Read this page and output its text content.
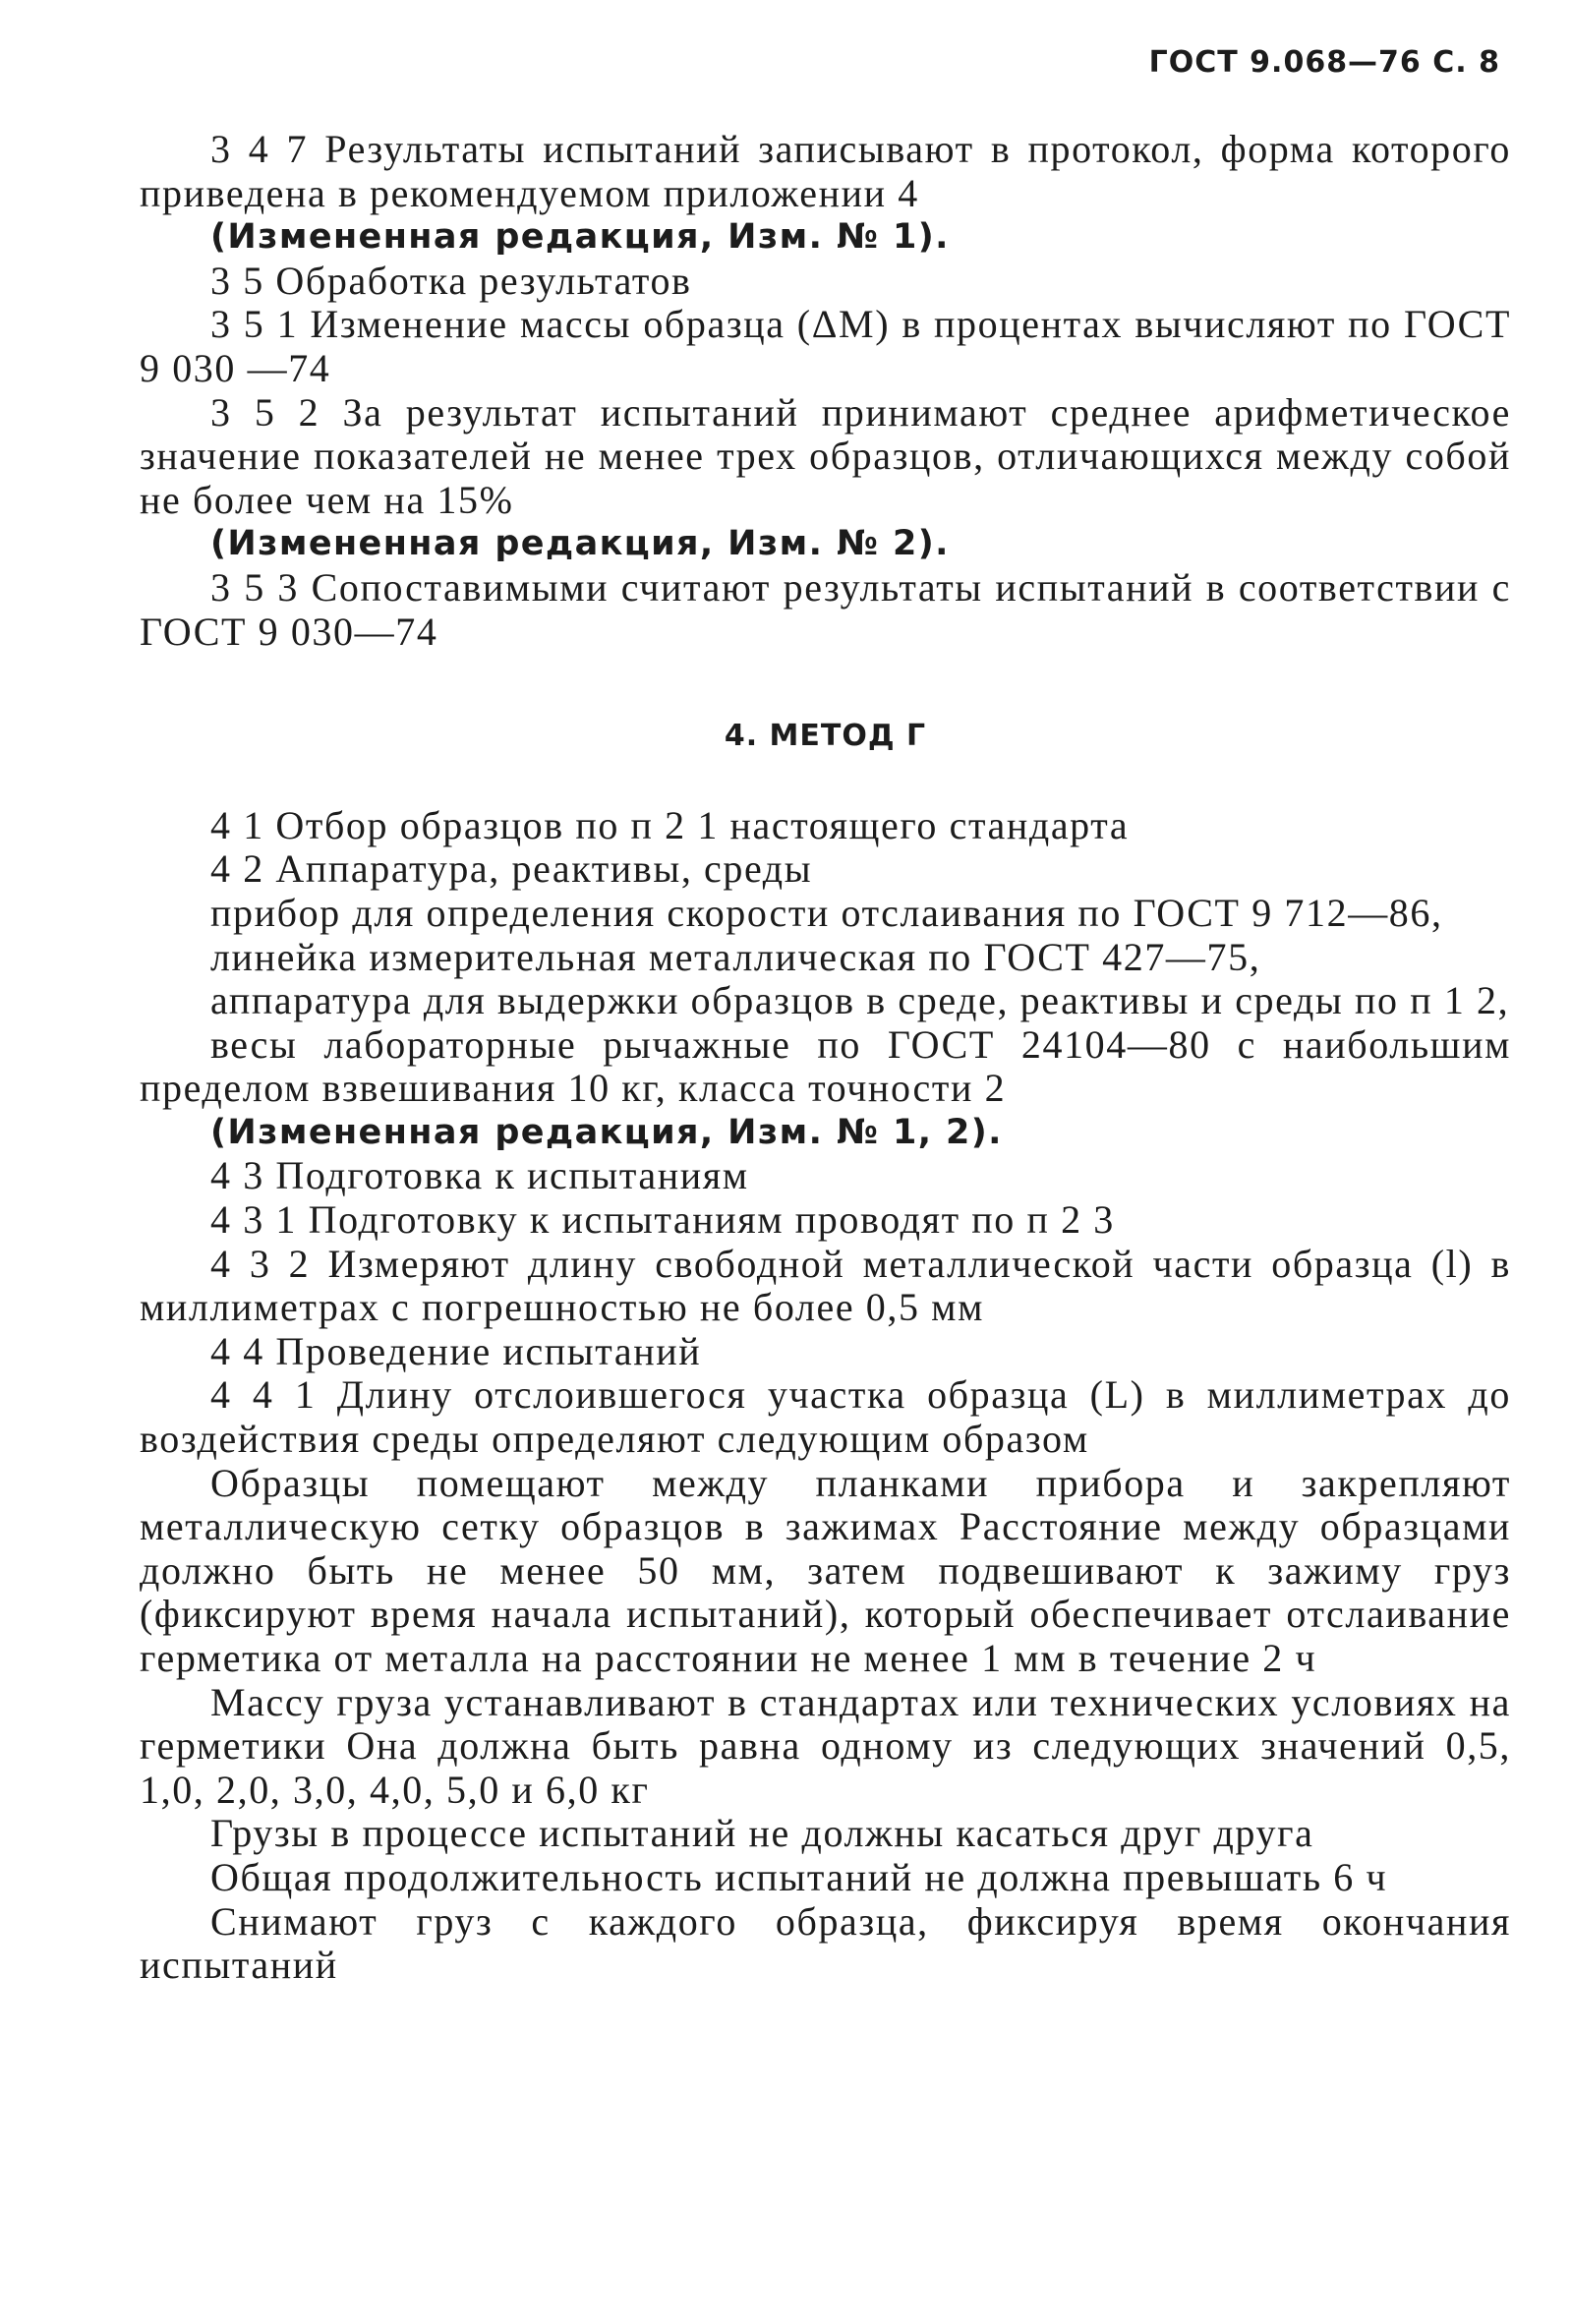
ГОСТ 9.068—76 С. 8

3 4 7 Результаты испытаний записывают в протокол, форма которого приведена в рекомендуемом приложении 4

(Измененная редакция, Изм. № 1).

3 5 Обработка результатов

3 5 1 Изменение массы образца (ΔM) в процентах вычисляют по ГОСТ 9 030 —74

3 5 2 За результат испытаний принимают среднее арифметическое значение показателей не менее трех образцов, отличающихся между собой не более чем на 15%

(Измененная редакция, Изм. № 2).

3 5 3 Сопоставимыми считают результаты испытаний в соответствии с ГОСТ 9 030—74

4. МЕТОД Г

4 1 Отбор образцов по п 2 1 настоящего стандарта

4 2 Аппаратура, реактивы, среды

прибор для определения скорости отслаивания по ГОСТ 9 712—86,

линейка измерительная металлическая по ГОСТ 427—75,

аппаратура для выдержки образцов в среде, реактивы и среды по п 1 2,

весы лабораторные рычажные по ГОСТ 24104—80 с наибольшим пределом взвешивания 10 кг, класса точности 2

(Измененная редакция, Изм. № 1, 2).

4 3 Подготовка к испытаниям

4 3 1 Подготовку к испытаниям проводят по п 2 3

4 3 2 Измеряют длину свободной металлической части образца (l) в миллиметрах с погрешностью не более 0,5 мм

4 4 Проведение испытаний

4 4 1 Длину отслоившегося участка образца (L) в миллиметрах до воздействия среды определяют следующим образом

Образцы помещают между планками прибора и закрепляют металлическую сетку образцов в зажимах Расстояние между образцами должно быть не менее 50 мм, затем подвешивают к зажиму груз (фиксируют время начала испытаний), который обеспечивает отслаивание герметика от металла на расстоянии не менее 1 мм в течение 2 ч

Массу груза устанавливают в стандартах или технических условиях на герметики Она должна быть равна одному из следующих значений 0,5, 1,0, 2,0, 3,0, 4,0, 5,0 и 6,0 кг

Грузы в процессе испытаний не должны касаться друг друга

Общая продолжительность испытаний не должна превышать 6 ч

Снимают груз с каждого образца, фиксируя время окончания испытаний
